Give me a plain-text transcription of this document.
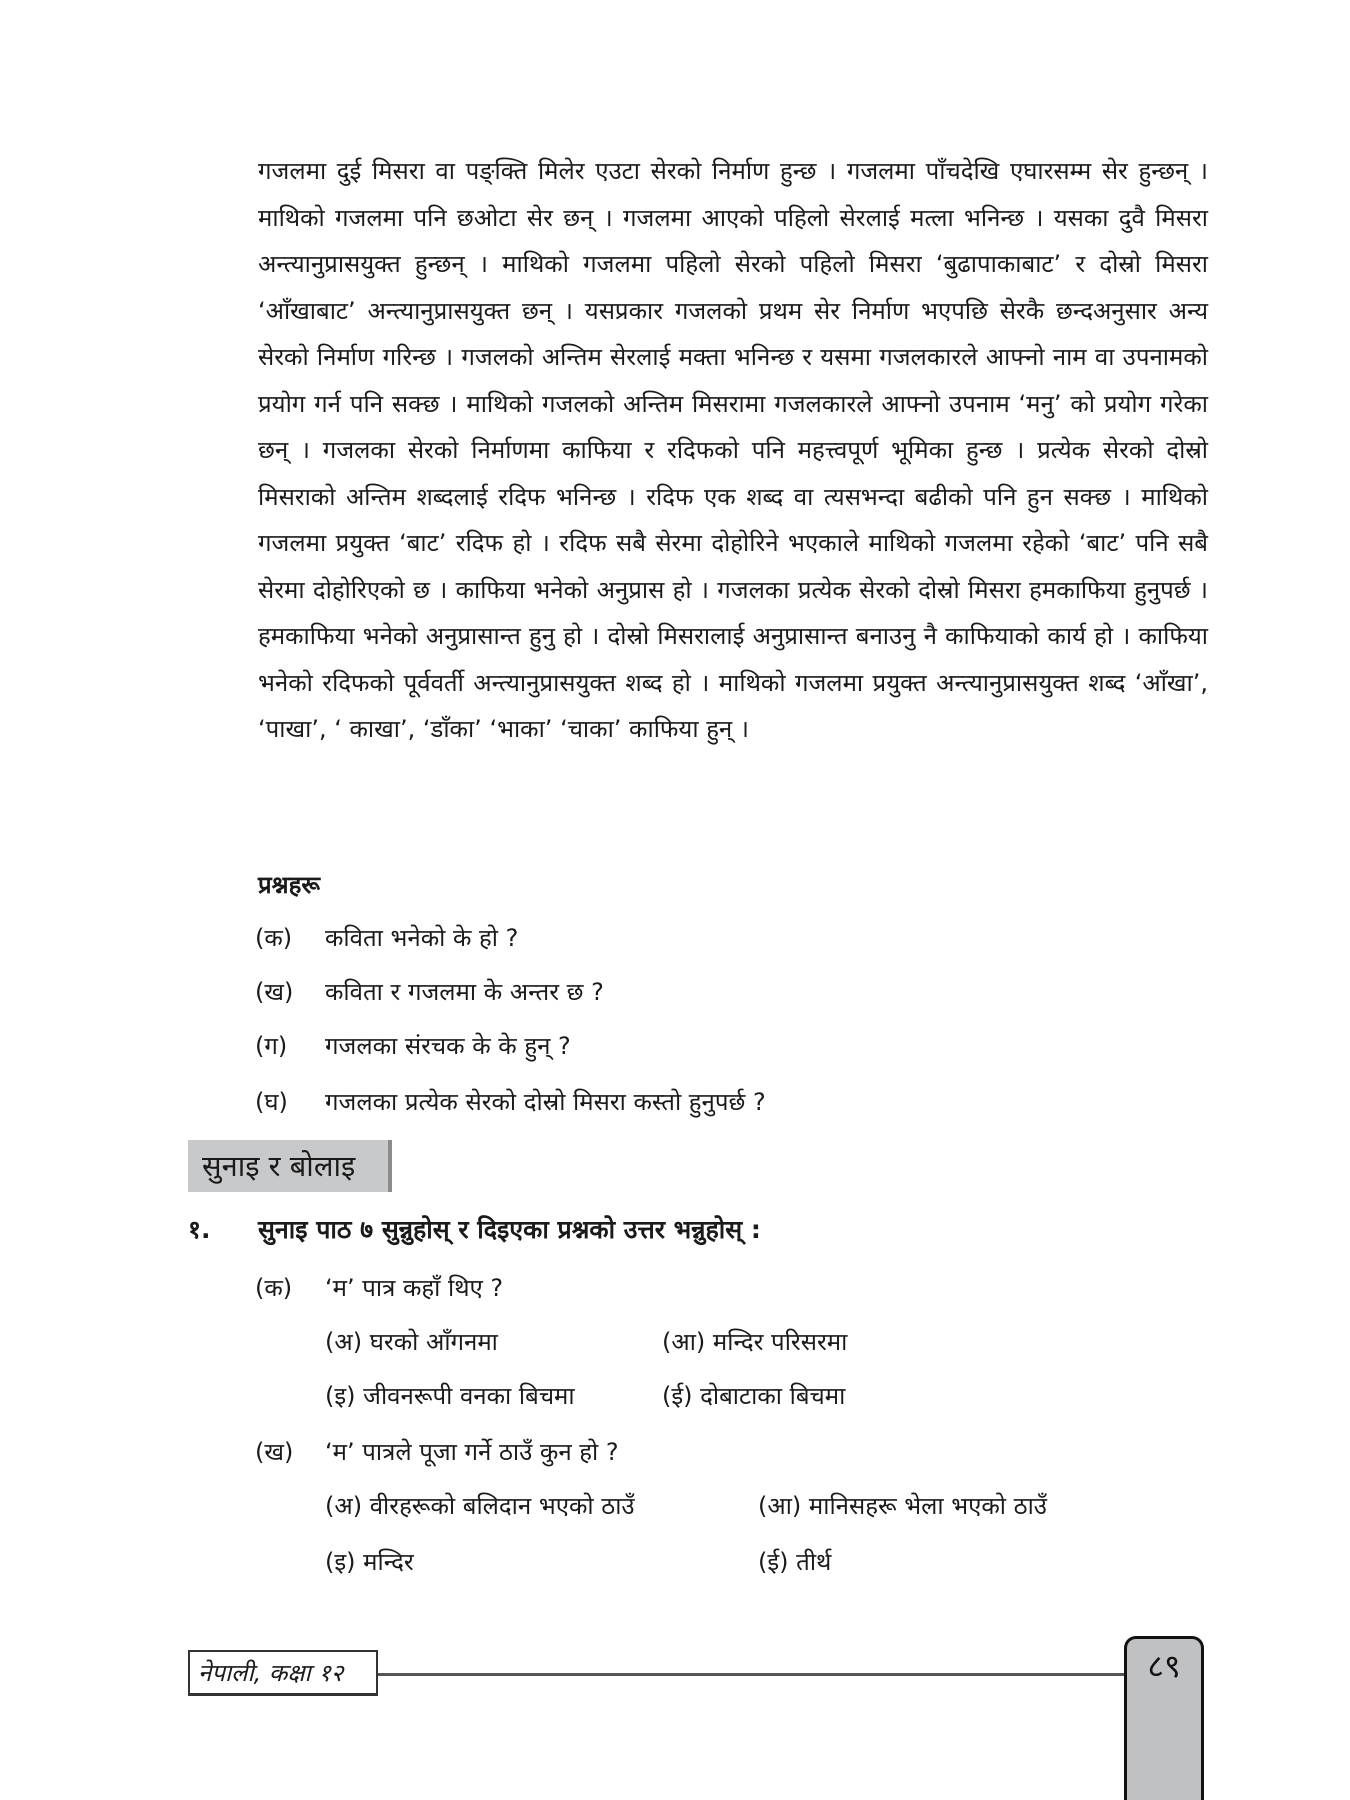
गजलमा दुई मिसरा वा पङ्क्ति मिलेर एउटा सेरको निर्माण हुन्छ । गजलमा पाँचदेखि एघारसम्म सेर हुन्छन् । माथिको गजलमा पनि छओटा सेर छन् । गजलमा आएको पहिलो सेरलाई मत्ला भनिन्छ । यसका दुवै मिसरा अन्त्यानुप्रासयुक्त हुन्छन् । माथिको गजलमा पहिलो सेरको पहिलो मिसरा ‘बुढापाकाबाट’ र दोस्रो मिसरा ‘आँखाबाट’ अन्त्यानुप्रासयुक्त छन् । यसप्रकार गजलको प्रथम सेर निर्माण भएपछि सेरकै छन्दअनुसार अन्य सेरको निर्माण गरिन्छ । गजलको अन्तिम सेरलाई मक्ता भनिन्छ र यसमा गजलकारले आफ्नो नाम वा उपनामको प्रयोग गर्न पनि सक्छ । माथिको गजलको अन्तिम मिसरामा गजलकारले आफ्नो उपनाम ‘मनु’ को प्रयोग गरेका छन् । गजलका सेरको निर्माणमा काफिया र रदिफको पनि महत्त्वपूर्ण भूमिका हुन्छ । प्रत्येक सेरको दोस्रो मिसराको अन्तिम शब्दलाई रदिफ भनिन्छ । रदिफ एक शब्द वा त्यसभन्दा बढीको पनि हुन सक्छ । माथिको गजलमा प्रयुक्त ‘बाट’ रदिफ हो । रदिफ सबै सेरमा दोहोरिने भएकाले माथिको गजलमा रहेको ‘बाट’ पनि सबै सेरमा दोहोरिएको छ । काफिया भनेको अनुप्रास हो । गजलका प्रत्येक सेरको दोस्रो मिसरा हमकाफिया हुनुपर्छ । हमकाफिया भनेको अनुप्रासान्त हुनु हो । दोस्रो मिसरालाई अनुप्रासान्त बनाउनु नै काफियाको कार्य हो । काफिया भनेको रदिफको पूर्ववर्ती अन्त्यानुप्रासयुक्त शब्द हो । माथिको गजलमा प्रयुक्त अन्त्यानुप्रासयुक्त शब्द ‘आँखा’, ‘पाखा’, ‘ काखा’, ‘डाँका’ ‘भाका’ ‘चाका’ काफिया हुन् ।

प्रश्नहरू
(क) कविता भनेको के हो ?
(ख) कविता र गजलमा के अन्तर छ ?
(ग) गजलका संरचक के के हुन् ?
(घ) गजलका प्रत्येक सेरको दोस्रो मिसरा कस्तो हुनुपर्छ ?
सुनाइ र बोलाइ
१. सुनाइ पाठ ७ सुन्नुहोस् र दिइएका प्रश्नको उत्तर भन्नुहोस् :
(क) ‘म’ पात्र कहाँ थिए ?
(अ) घरको आँगनमा	(आ) मन्दिर परिसरमा
(इ) जीवनरूपी वनका बिचमा	(ई) दोबाटाका बिचमा
(ख) ‘म’ पात्रले पूजा गर्ने ठाउँ कुन हो ?
(अ) वीरहरूको बलिदान भएको ठाउँ	(आ) मानिसहरू भेला भएको ठाउँ
(इ) मन्दिर	(ई) तीर्थ
नेपाली, कक्षा १२	८९
